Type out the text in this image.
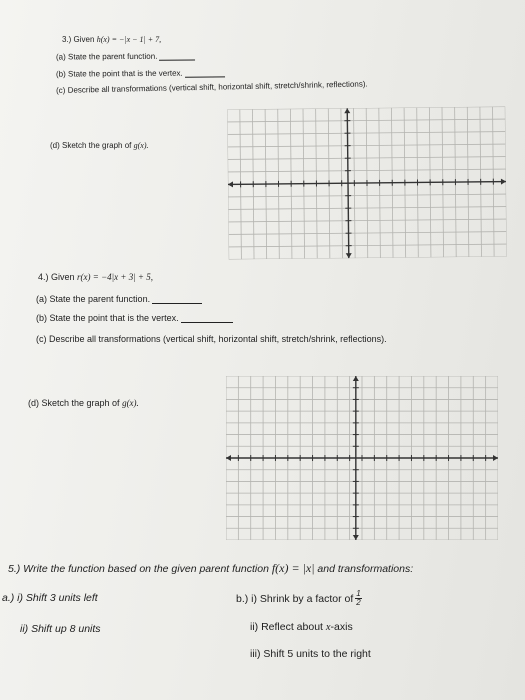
3.) Given h(x) = −|x − 1| + 7,
(a) State the parent function.
(b) State the point that is the vertex.
(c) Describe all transformations (vertical shift, horizontal shift, stretch/shrink, reflections).
(d) Sketch the graph of g(x).
4.) Given r(x) = −4|x + 3| + 5,
(a) State the parent function.
(b) State the point that is the vertex.
(c) Describe all transformations (vertical shift, horizontal shift, stretch/shrink, reflections).
(d) Sketch the graph of g(x).
5.) Write the function based on the given parent function f(x) = |x| and transformations:
a.) i) Shift 3 units left
ii) Shift up 8 units
b.) i) Shrink by a factor of $\frac{1}{2}$
ii) Reflect about x-axis
iii) Shift 5 units to the right
